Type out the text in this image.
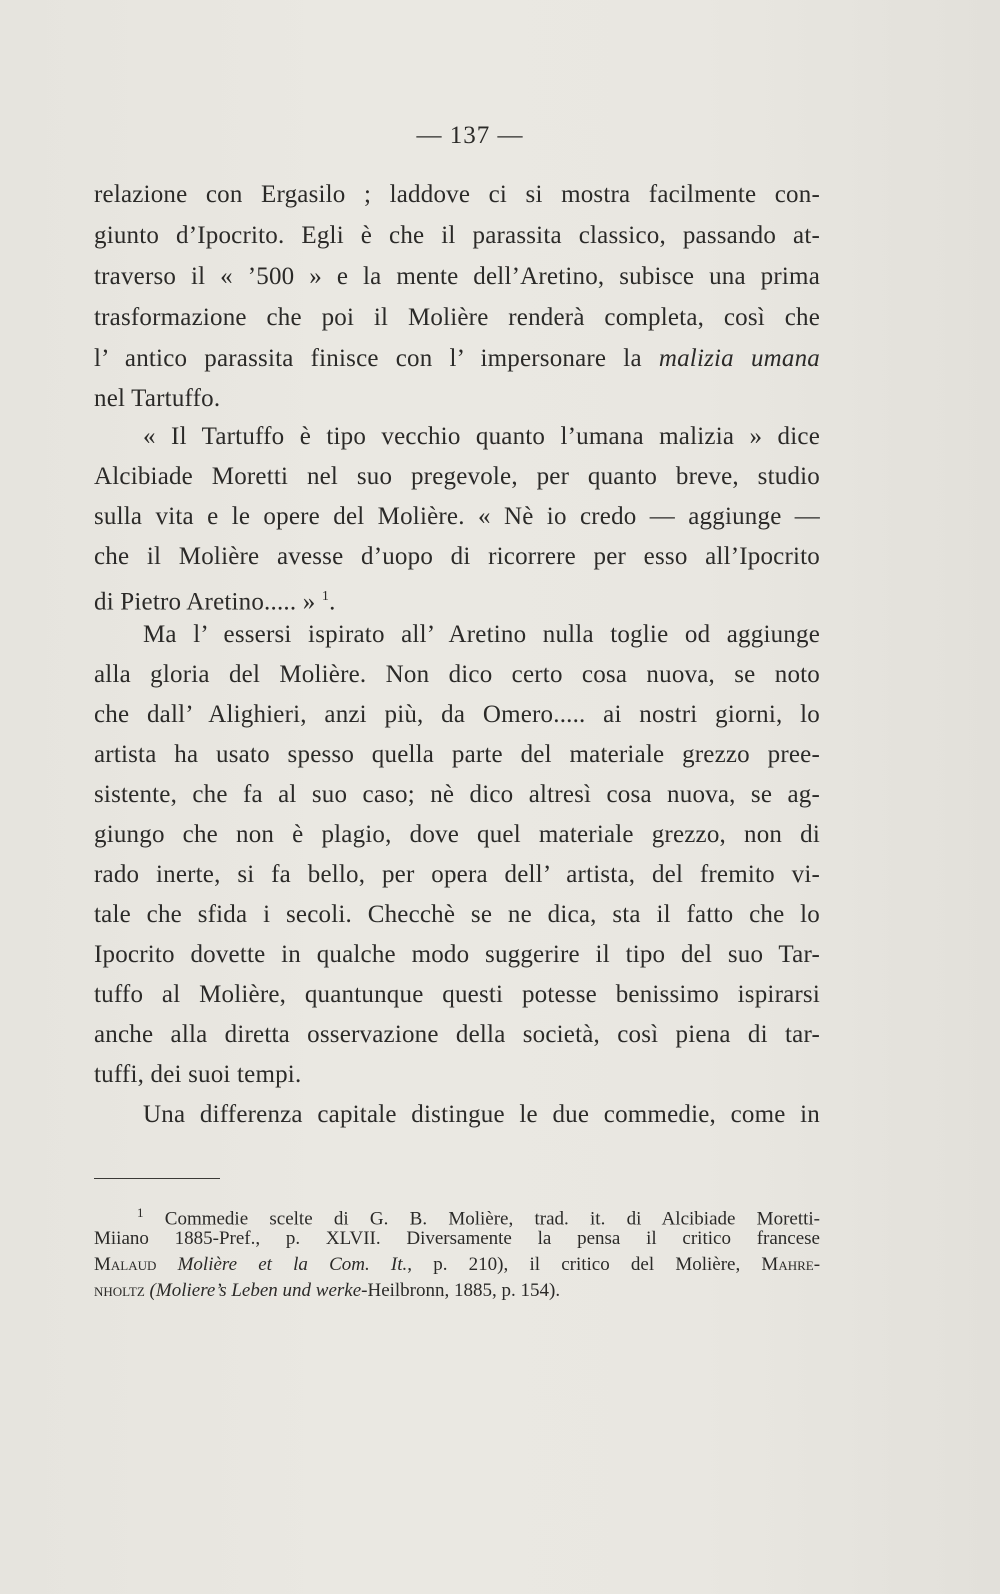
— 137 —
relazione con Ergasilo ; laddove ci si mostra facilmente con-
giunto d’Ipocrito. Egli è che il parassita classico, passando at-
traverso il « ’500 » e la mente dell’Aretino, subisce una prima
trasformazione che poi il Molière renderà completa, così che
l’ antico parassita finisce con l’ impersonare la malizia umana
nel Tartuffo.
« Il Tartuffo è tipo vecchio quanto l’umana malizia » dice
Alcibiade Moretti nel suo pregevole, per quanto breve, studio
sulla vita e le opere del Molière. « Nè io credo — aggiunge —
che il Molière avesse d’uopo di ricorrere per esso all’Ipocrito
di Pietro Aretino..... » $^1$.
Ma l’ essersi ispirato all’ Aretino nulla toglie od aggiunge
alla gloria del Molière. Non dico certo cosa nuova, se noto
che dall’ Alighieri, anzi più, da Omero..... ai nostri giorni, lo
artista ha usato spesso quella parte del materiale grezzo pree-
sistente, che fa al suo caso; nè dico altresì cosa nuova, se ag-
giungo che non è plagio, dove quel materiale grezzo, non di
rado inerte, si fa bello, per opera dell’ artista, del fremito vi-
tale che sfida i secoli. Checchè se ne dica, sta il fatto che lo
Ipocrito dovette in qualche modo suggerire il tipo del suo Tar-
tuffo al Molière, quantunque questi potesse benissimo ispirarsi
anche alla diretta osservazione della società, così piena di tar-
tuffi, dei suoi tempi.
Una differenza capitale distingue le due commedie, come in
$^1$ Commedie scelte di G. B. Molière, trad. it. di Alcibiade Moretti-
Miiano 1885-Pref., p. XLVII. Diversamente la pensa il critico francese
Malaud Molière et la Com. It., p. 210), il critico del Molière, Mahre-
nholtz (Moliere’s Leben und werke-Heilbronn, 1885, p. 154).
